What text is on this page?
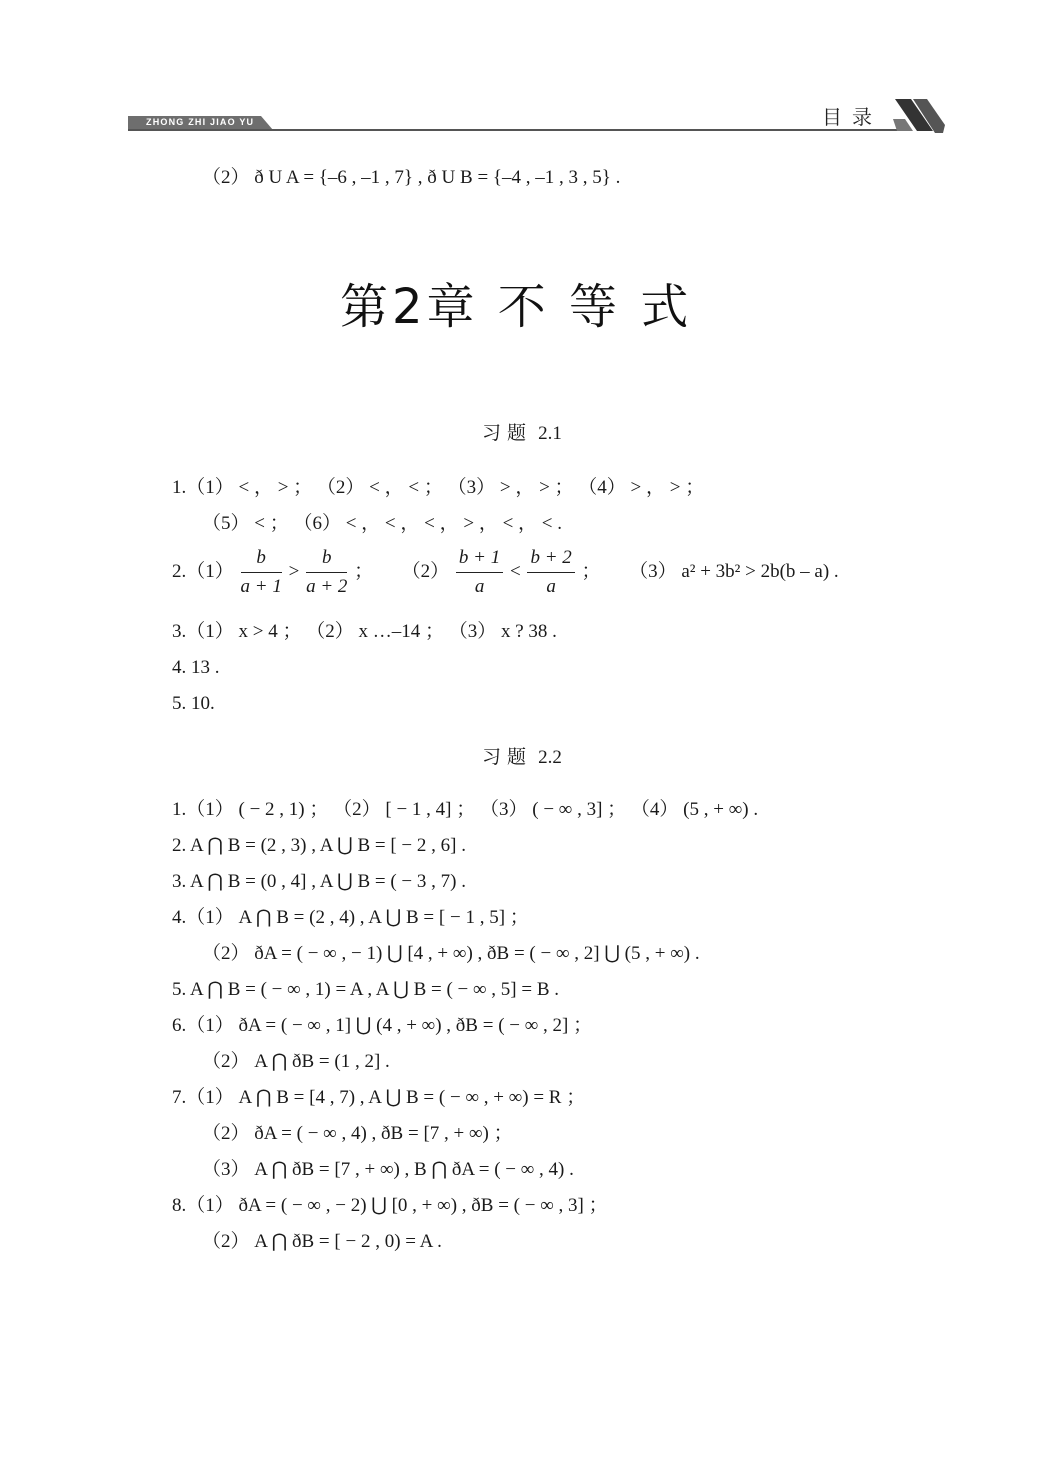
ZHONG ZHI JIAO YU	目录
（2） ð U A = {–6 , –1 , 7} , ð U B = {–4 , –1 , 3 , 5} .
第2章 不 等 式
习 题 2.1
1.（1） < ， > ； （2） < ， < ； （3） > ， > ； （4） > ， > ；
（5） < ； （6） < ， < ， < ， > ， < ， < .
$2.(1) \frac{b}{a + 1} > \frac{b}{a + 2}$ ； $(2) \frac{b + 1}{a} < \frac{b + 2}{a}$ ； （3） a² + 3b² > 2b(b – a) .
3.（1） x > 4 ； （2） x …–14 ； （3） x ? 38 .
4. 13 .
5. 10.
习 题 2.2
1.（1） ( − 2 , 1) ； （2） [ − 1 , 4] ； （3） ( − ∞ , 3] ； （4） (5 , + ∞) .
2. A ⋂ B = (2 , 3) , A ⋃ B = [ − 2 , 6] .
3. A ⋂ B = (0 , 4] , A ⋃ B = ( − 3 , 7) .
4.（1） A ⋂ B = (2 , 4) , A ⋃ B = [ − 1 , 5] ；
（2） ðA = ( − ∞ , − 1) ⋃ [4 , + ∞) , ðB = ( − ∞ , 2] ⋃ (5 , + ∞) .
5. A ⋂ B = ( − ∞ , 1) = A , A ⋃ B = ( − ∞ , 5] = B .
6.（1） ðA = ( − ∞ , 1] ⋃ (4 , + ∞) , ðB = ( − ∞ , 2] ；
（2） A ⋂ ðB = (1 , 2] .
7.（1） A ⋂ B = [4 , 7) , A ⋃ B = ( − ∞ , + ∞) = R ；
（2） ðA = ( − ∞ , 4) , ðB = [7 , + ∞) ；
（3） A ⋂ ðB = [7 , + ∞) , B ⋂ ðA = ( − ∞ , 4) .
8.（1） ðA = ( − ∞ , − 2) ⋃ [0 , + ∞) , ðB = ( − ∞ , 3] ；
（2） A ⋂ ðB = [ − 2 , 0) = A .
